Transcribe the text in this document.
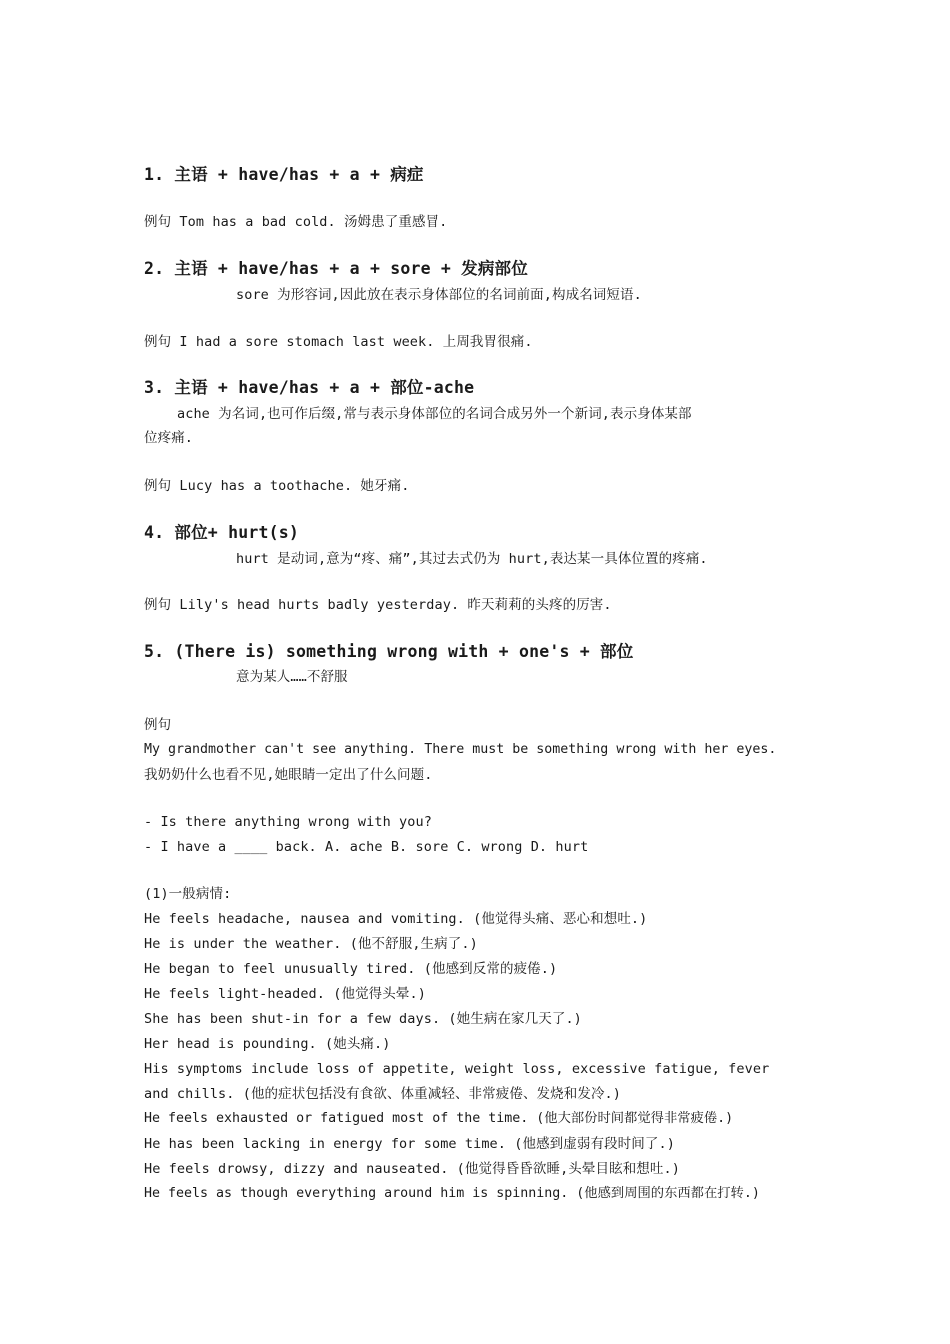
1. 主语 + have/has + a + 病症
例句 Tom has a bad cold. 汤姆患了重感冒.
2. 主语 + have/has + a + sore + 发病部位
sore 为形容词,因此放在表示身体部位的名词前面,构成名词短语.
例句 I had a sore stomach last week. 上周我胃很痛.
3. 主语 + have/has + a + 部位-ache
ache 为名词,也可作后缀,常与表示身体部位的名词合成另外一个新词,表示身体某部
位疼痛.
例句 Lucy has a toothache. 她牙痛.
4. 部位+ hurt(s)
hurt 是动词,意为“疼、痛”,其过去式仍为 hurt,表达某一具体位置的疼痛.
例句 Lily's head hurts badly yesterday. 昨天莉莉的头疼的厉害.
5. (There is) something wrong with + one's + 部位
意为某人……不舒服
例句
My grandmother can't see anything. There must be something wrong with her eyes.
我奶奶什么也看不见,她眼睛一定出了什么问题.
- Is there anything wrong with you?
- I have a ____ back. A. ache B. sore C. wrong D. hurt
(1)一般病情:
He feels headache, nausea and vomiting. (他觉得头痛、恶心和想吐.)
He is under the weather. (他不舒服,生病了.)
He began to feel unusually tired. (他感到反常的疲倦.)
He feels light-headed. (他觉得头晕.)
She has been shut-in for a few days. (她生病在家几天了.)
Her head is pounding. (她头痛.)
His symptoms include loss of appetite, weight loss, excessive fatigue, fever
and chills. (他的症状包括没有食欲、体重减轻、非常疲倦、发烧和发冷.)
He feels exhausted or fatigued most of the time. (他大部份时间都觉得非常疲倦.)
He has been lacking in energy for some time. (他感到虚弱有段时间了.)
He feels drowsy, dizzy and nauseated. (他觉得昏昏欲睡,头晕目眩和想吐.)
He feels as though everything around him is spinning. (他感到周围的东西都在打转.)
